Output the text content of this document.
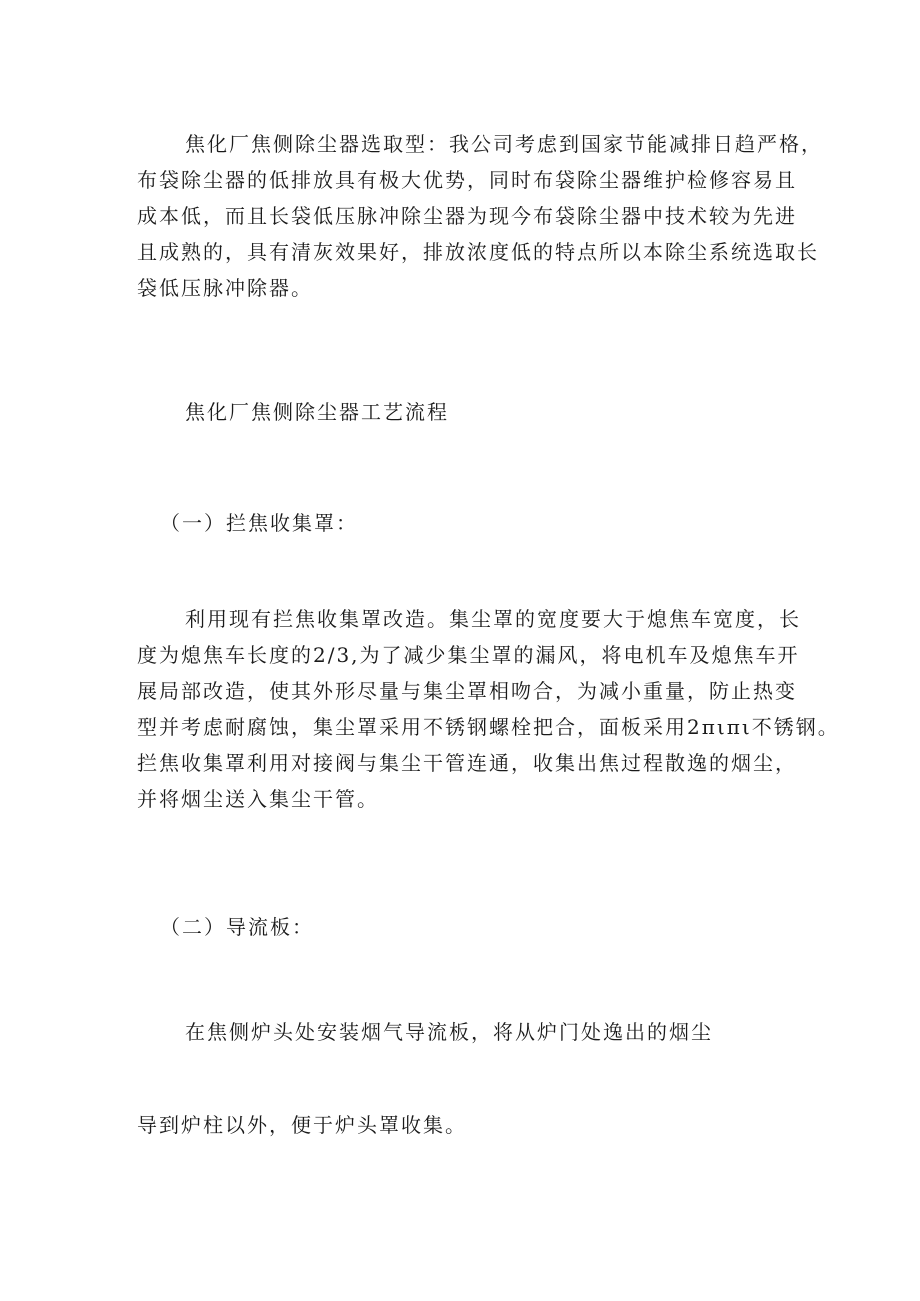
焦化厂焦侧除尘器选取型：我公司考虑到国家节能减排日趋严格，
布袋除尘器的低排放具有极大优势，同时布袋除尘器维护检修容易且
成本低，而且长袋低压脉冲除尘器为现今布袋除尘器中技术较为先进
且成熟的，具有清灰效果好，排放浓度低的特点所以本除尘系统选取长
袋低压脉冲除器。
焦化厂焦侧除尘器工艺流程
（一）拦焦收集罩：
利用现有拦焦收集罩改造。集尘罩的宽度要大于熄焦车宽度，长
度为熄焦车长度的2/3,为了减少集尘罩的漏风，将电机车及熄焦车开
展局部改造，使其外形尽量与集尘罩相吻合，为减小重量，防止热变
型并考虑耐腐蚀，集尘罩采用不锈钢螺栓把合，面板采用2πιπι不锈钢。
拦焦收集罩利用对接阀与集尘干管连通，收集出焦过程散逸的烟尘，
并将烟尘送入集尘干管。
（二）导流板：
在焦侧炉头处安装烟气导流板，将从炉门处逸出的烟尘
导到炉柱以外，便于炉头罩收集。
